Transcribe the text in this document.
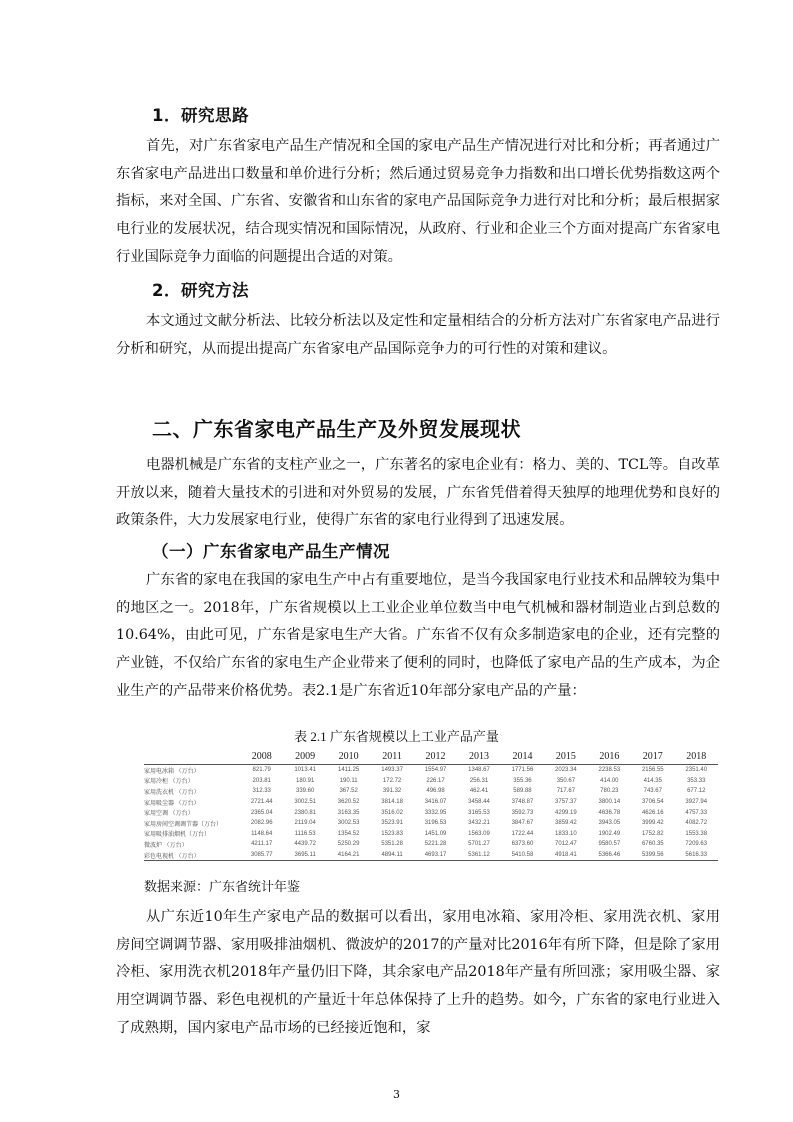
1．研究思路

首先，对广东省家电产品生产情况和全国的家电产品生产情况进行对比和分析；再者通过广东省家电产品进出口数量和单价进行分析；然后通过贸易竞争力指数和出口增长优势指数这两个指标，来对全国、广东省、安徽省和山东省的家电产品国际竞争力进行对比和分析；最后根据家电行业的发展状况，结合现实情况和国际情况，从政府、行业和企业三个方面对提高广东省家电行业国际竞争力面临的问题提出合适的对策。

2．研究方法

本文通过文献分析法、比较分析法以及定性和定量相结合的分析方法对广东省家电产品进行分析和研究，从而提出提高广东省家电产品国际竞争力的可行性的对策和建议。

二、广东省家电产品生产及外贸发展现状

电器机械是广东省的支柱产业之一，广东著名的家电企业有：格力、美的、TCL等。自改革开放以来，随着大量技术的引进和对外贸易的发展，广东省凭借着得天独厚的地理优势和良好的政策条件，大力发展家电行业，使得广东省的家电行业得到了迅速发展。

（一）广东省家电产品生产情况

广东省的家电在我国的家电生产中占有重要地位，是当今我国家电行业技术和品牌较为集中的地区之一。2018年，广东省规模以上工业企业单位数当中电气机械和器材制造业占到总数的10.64%，由此可见，广东省是家电生产大省。广东省不仅有众多制造家电的企业，还有完整的产业链，不仅给广东省的家电生产企业带来了便利的同时，也降低了家电产品的生产成本，为企业生产的产品带来价格优势。表2.1是广东省近10年部分家电产品的产量：

表 2.1 广东省规模以上工业产品产量
	2008	2009	2010	2011	2012	2013	2014	2015	2016	2017	2018
家用电冰箱 （万台）	821.79	1013.41	1411.25	1493.37	1554.97	1348.67	1771.56	2023.34	2238.53	2156.55	2351.40
家用冷柜 （万台）	203.81	180.91	190.11	172.72	226.17	256.31	355.36	350.67	414.00	414.35	353.33
家用洗衣机 （万台）	312.33	339.60	367.52	391.32	496.98	462.41	589.88	717.67	780.23	743.67	677.12
家用吸尘器 （万台）	2721.44	3002.51	3620.52	3814.18	3416.07	3458.44	3748.87	3757.37	3800.14	3706.54	3927.94
家用空调 （万台）	2365.04	2380.81	3163.35	3516.02	3332.95	3165.53	3592.73	4299.19	4636.78	4626.16	4757.33
家用房间空调调节器（万台）	2082.96	2119.04	3002.53	3523.91	3196.53	3432.21	3847.67	3859.42	3943.05	3999.42	4082.72
家用吸排油烟机（万台）	1148.64	1116.53	1354.52	1523.83	1451.09	1563.09	1722.44	1833.10	1902.49	1752.82	1553.38
微波炉 （万台）	4211.17	4439.72	5250.29	5351.28	5221.28	5701.27	6373.60	7012.47	9580.57	6760.35	7209.63
彩色电视机 （万台）	3085.77	3695.11	4164.21	4894.11	4693.17	5361.12	5410.58	4918.41	5366.46	5399.56	5616.33
数据来源：广东省统计年鉴

从广东近10年生产家电产品的数据可以看出，家用电冰箱、家用冷柜、家用洗衣机、家用房间空调调节器、家用吸排油烟机、微波炉的2017的产量对比2016年有所下降，但是除了家用冷柜、家用洗衣机2018年产量仍旧下降，其余家电产品2018年产量有所回涨；家用吸尘器、家用空调调节器、彩色电视机的产量近十年总体保持了上升的趋势。如今，广东省的家电行业进入了成熟期，国内家电产品市场的已经接近饱和，家

3
